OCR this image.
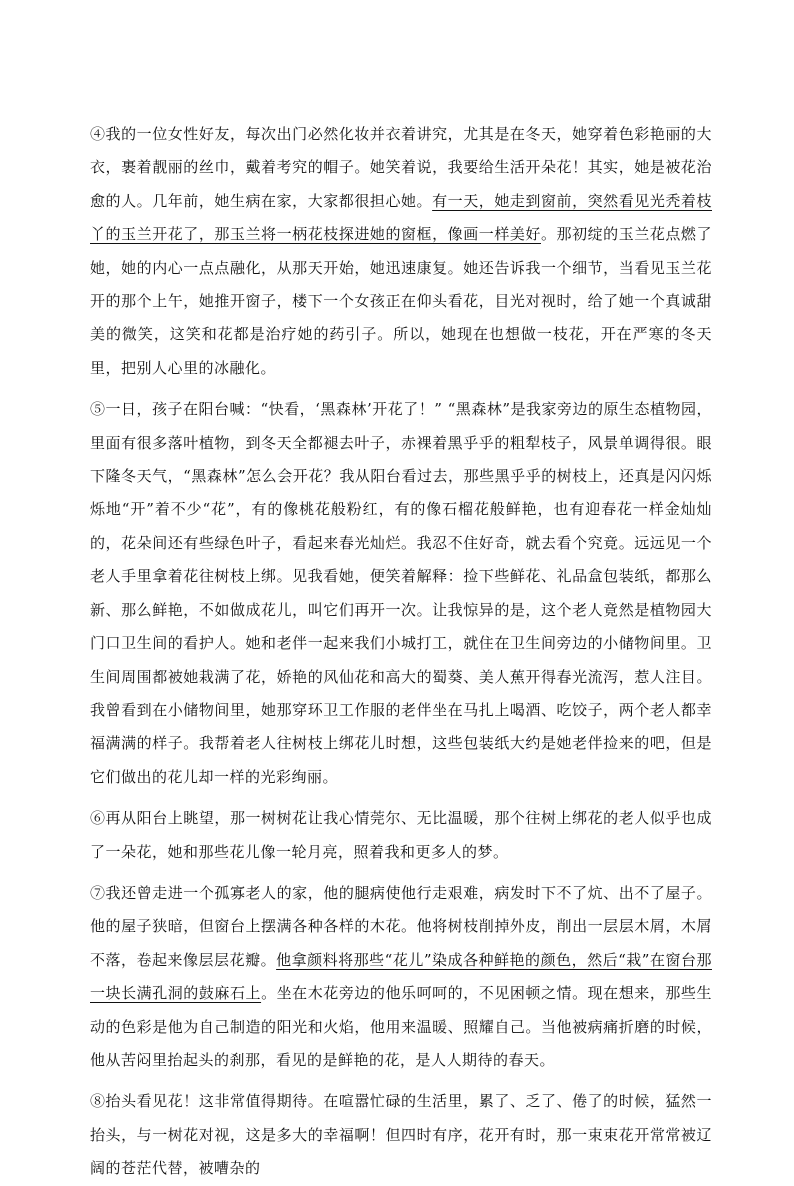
④我的一位女性好友，每次出门必然化妆并衣着讲究，尤其是在冬天，她穿着色彩艳丽的大衣，裹着靓丽的丝巾，戴着考究的帽子。她笑着说，我要给生活开朵花！其实，她是被花治愈的人。几年前，她生病在家，大家都很担心她。有一天，她走到窗前，突然看见光秃着枝丫的玉兰开花了，那玉兰将一柄花枝探进她的窗框，像画一样美好。那初绽的玉兰花点燃了她，她的内心一点点融化，从那天开始，她迅速康复。她还告诉我一个细节，当看见玉兰花开的那个上午，她推开窗子，楼下一个女孩正在仰头看花，目光对视时，给了她一个真诚甜美的微笑，这笑和花都是治疗她的药引子。所以，她现在也想做一枝花，开在严寒的冬天里，把别人心里的冰融化。

⑤一日，孩子在阳台喊：“快看，‘黑森林’开花了！” “黑森林”是我家旁边的原生态植物园，里面有很多落叶植物，到冬天全都褪去叶子，赤裸着黑乎乎的粗犁枝子，风景单调得很。眼下隆冬天气，“黑森林”怎么会开花？我从阳台看过去，那些黑乎乎的树枝上，还真是闪闪烁烁地“开”着不少“花”，有的像桃花般粉红，有的像石榴花般鲜艳，也有迎春花一样金灿灿的，花朵间还有些绿色叶子，看起来春光灿烂。我忍不住好奇，就去看个究竟。远远见一个老人手里拿着花往树枝上绑。见我看她，便笑着解释：捡下些鲜花、礼品盒包装纸，都那么新、那么鲜艳，不如做成花儿，叫它们再开一次。让我惊异的是，这个老人竟然是植物园大门口卫生间的看护人。她和老伴一起来我们小城打工，就住在卫生间旁边的小储物间里。卫生间周围都被她栽满了花，娇艳的风仙花和高大的蜀葵、美人蕉开得春光流泻，惹人注目。我曾看到在小储物间里，她那穿环卫工作服的老伴坐在马扎上喝酒、吃饺子，两个老人都幸福满满的样子。我帮着老人往树枝上绑花儿时想，这些包装纸大约是她老伴捡来的吧，但是它们做出的花儿却一样的光彩绚丽。

⑥再从阳台上眺望，那一树树花让我心情莞尔、无比温暖，那个往树上绑花的老人似乎也成了一朵花，她和那些花儿像一轮月亮，照着我和更多人的梦。

⑦我还曾走进一个孤寡老人的家，他的腿病使他行走艰难，病发时下不了炕、出不了屋子。他的屋子狭暗，但窗台上摆满各种各样的木花。他将树枝削掉外皮，削出一层层木屑，木屑不落，卷起来像层层花瓣。他拿颜料将那些“花儿”染成各种鲜艳的颜色，然后“栽”在窗台那一块长满孔洞的鼓麻石上。坐在木花旁边的他乐呵呵的，不见困顿之情。现在想来，那些生动的色彩是他为自己制造的阳光和火焰，他用来温暖、照耀自己。当他被病痛折磨的时候，他从苦闷里抬起头的刹那，看见的是鲜艳的花，是人人期待的春天。

⑧抬头看见花！这非常值得期待。在喧嚣忙碌的生活里，累了、乏了、倦了的时候，猛然一抬头，与一树花对视，这是多大的幸福啊！但四时有序，花开有时，那一束束花开常常被辽阔的苍茫代替，被嘈杂的
